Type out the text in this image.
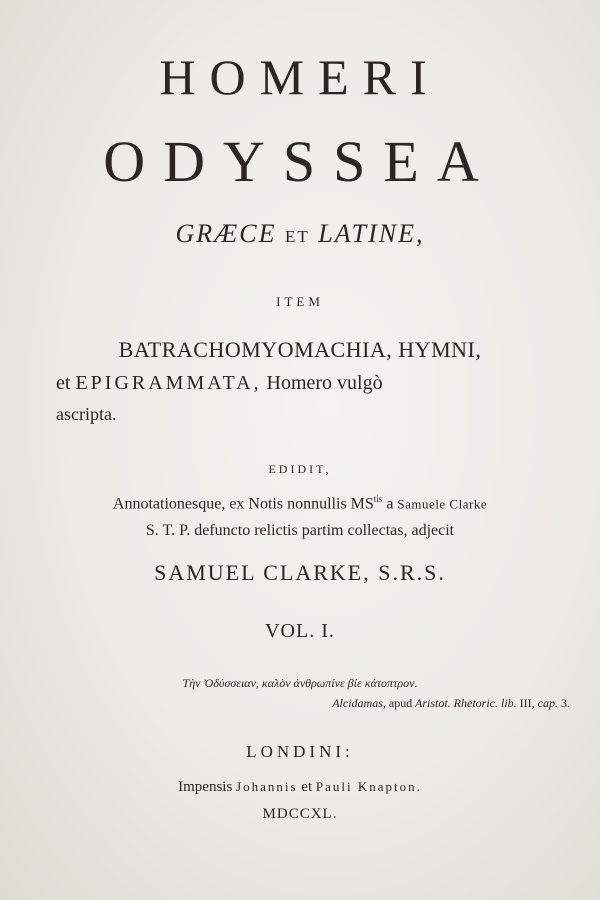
HOMERI
ODYSSEA
GRÆCE ET LATINE,
ITEM
BATRACHOMYOMACHIA, HYMNI,
et EPIGRAMMATA, Homero vulgò
ascripta.
EDIDIT,
Annotationesque, ex Notis nonnullis $MS^{tis}$ a Samuele Clarke
S. T. P. defuncto relictis partim collectas, adjecit
SAMUEL CLARKE, S.R.S.
VOL. I.
Τὴν Ὀδύσσειαν, καλὸν ἀνθρωπίνε βίε κάτοπτρον.
Alcidamas, apud Aristot. Rhetoric. lib. III, cap. 3.
LONDINI:
Impensis Johannis et Pauli Knapton.
MDCCXL.
